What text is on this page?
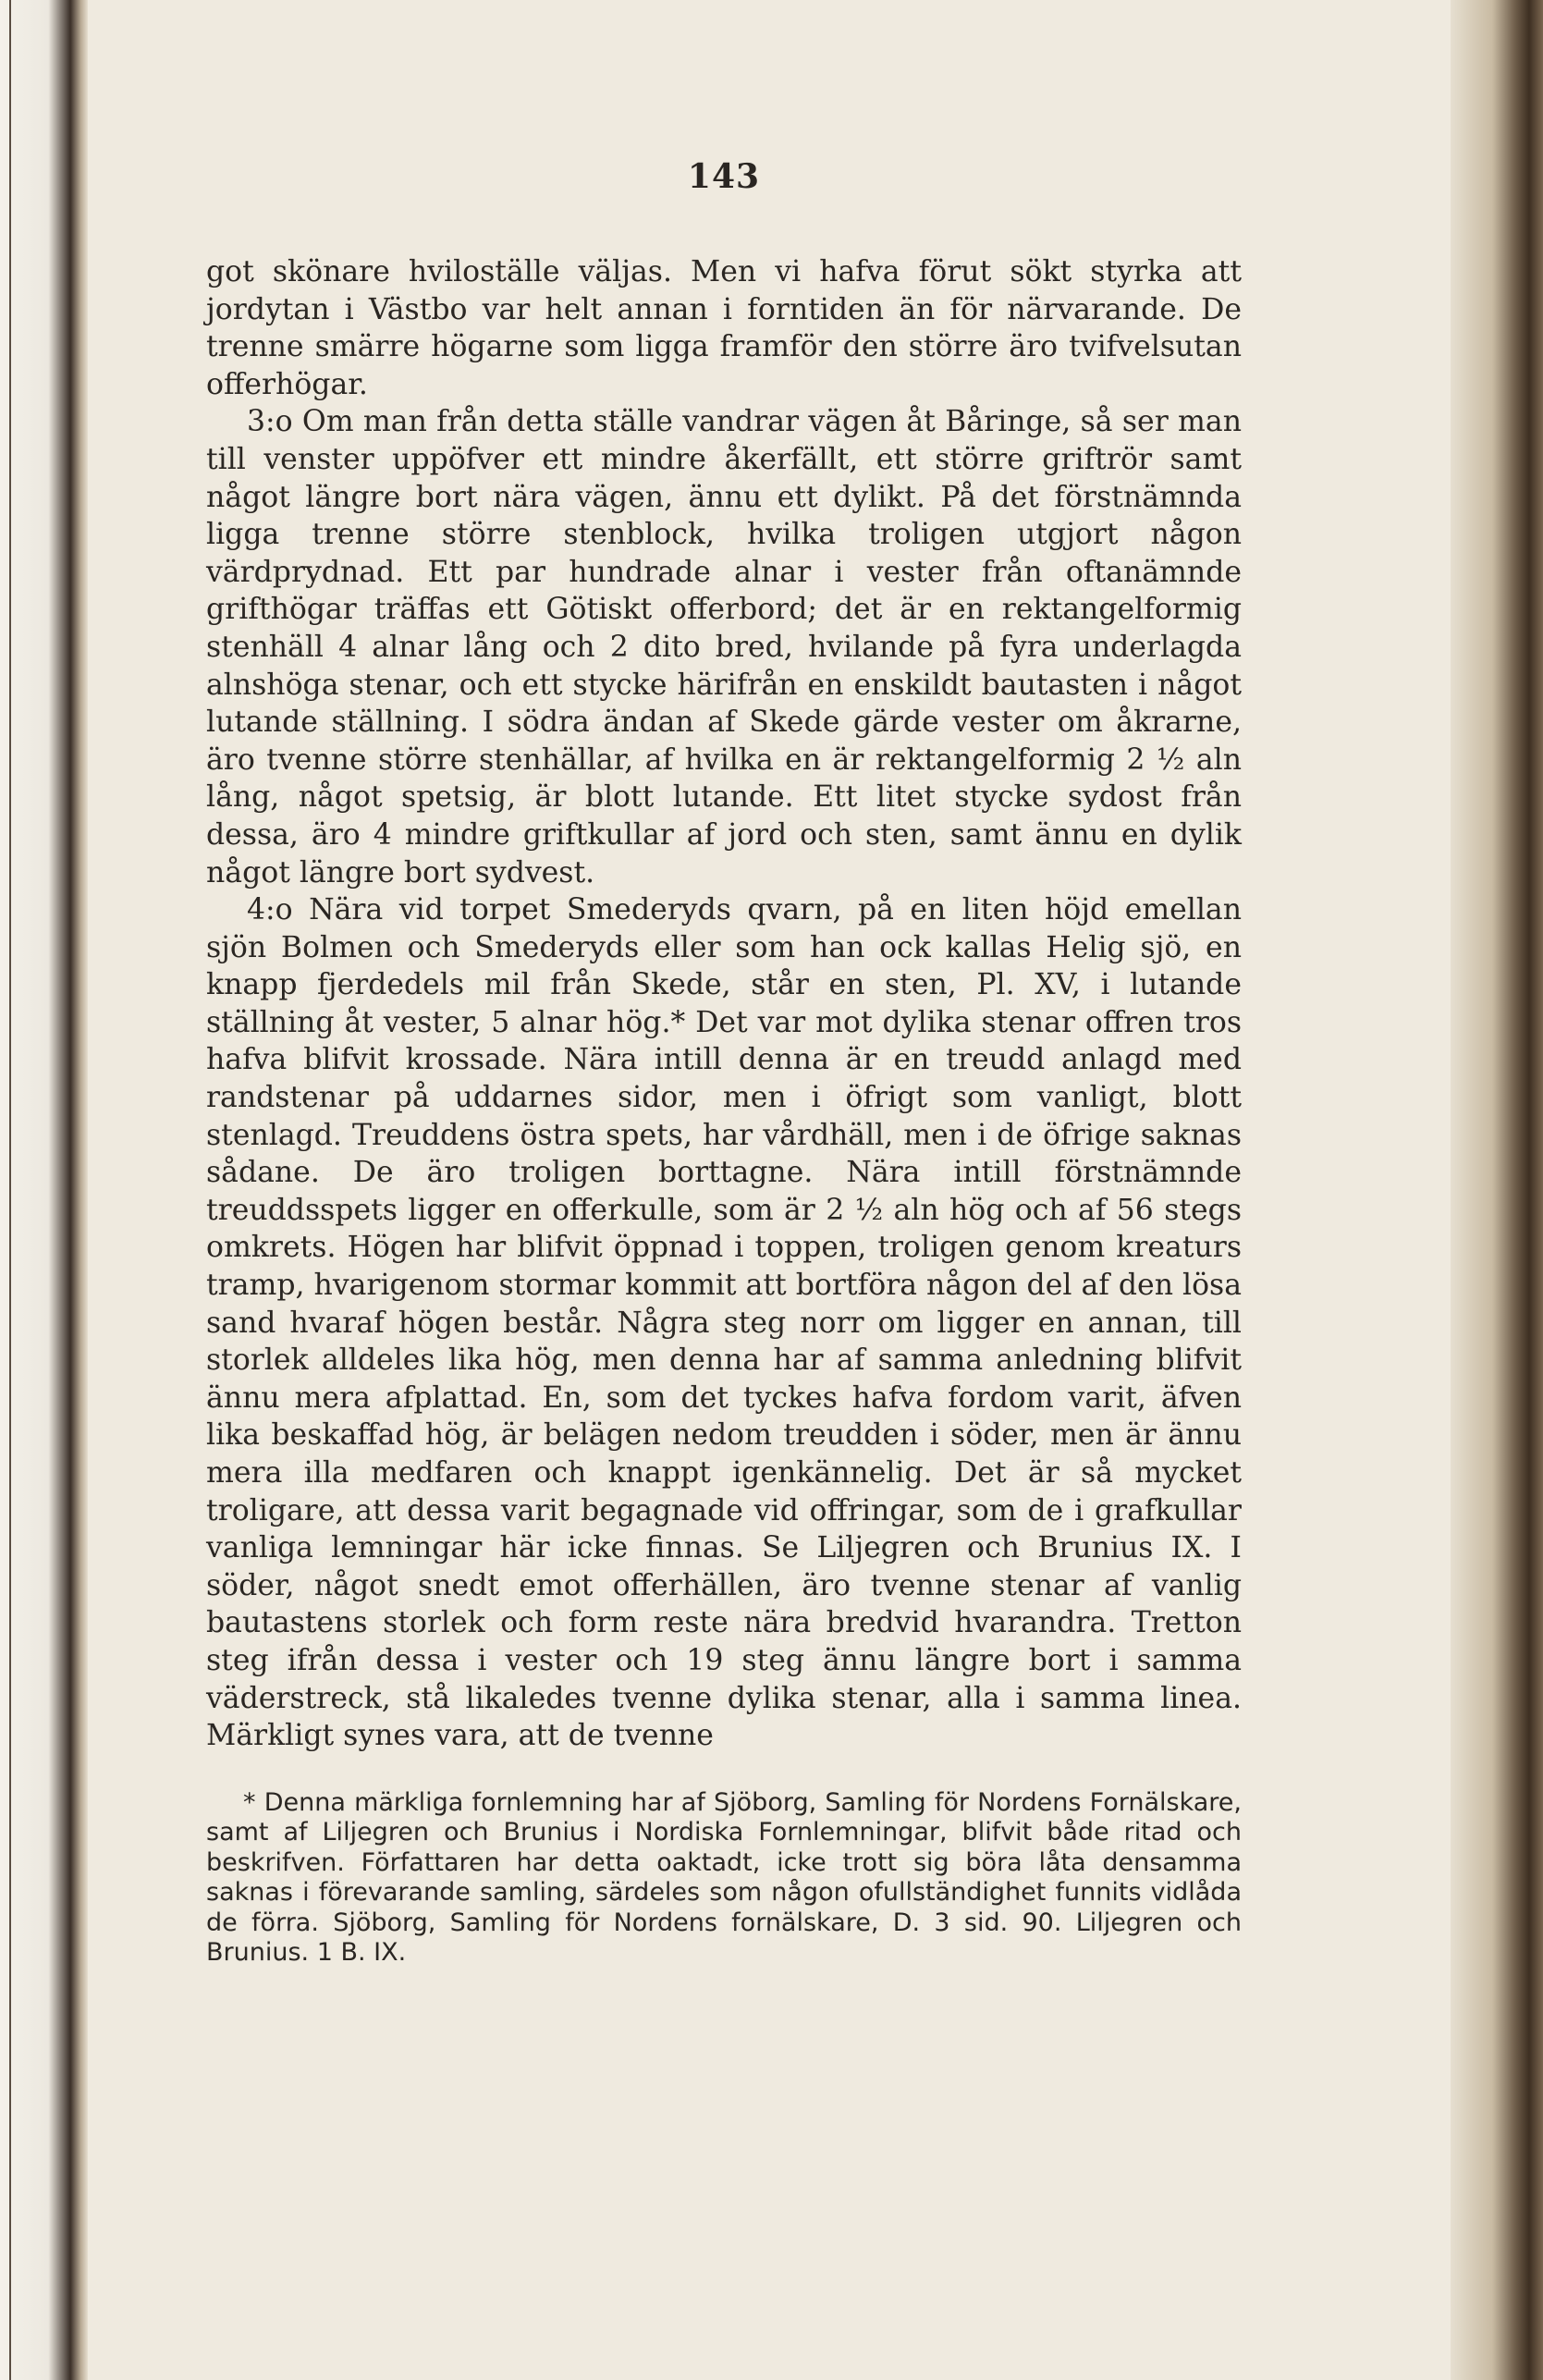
143

got skönare hviloställe väljas. Men vi hafva förut sökt styrka att jordytan i Västbo var helt annan i forntiden än för närvarande. De trenne smärre högarne som ligga framför den större äro tvifvelsutan offerhögar.

3:o Om man från detta ställe vandrar vägen åt Båringe, så ser man till venster uppöfver ett mindre åkerfällt, ett större griftrör samt något längre bort nära vägen, ännu ett dylikt. På det förstnämnda ligga trenne större stenblock, hvilka troligen utgjort någon värdprydnad. Ett par hundrade alnar i vester från oftanämnde grifthögar träffas ett Götiskt offerbord; det är en rektangelformig stenhäll 4 alnar lång och 2 dito bred, hvilande på fyra underlagda alnshöga stenar, och ett stycke härifrån en enskildt bautasten i något lutande ställning. I södra ändan af Skede gärde vester om åkrarne, äro tvenne större stenhällar, af hvilka en är rektangelformig 2 ½ aln lång, något spetsig, är blott lutande. Ett litet stycke sydost från dessa, äro 4 mindre griftkullar af jord och sten, samt ännu en dylik något längre bort sydvest.

4:o Nära vid torpet Smederyds qvarn, på en liten höjd emellan sjön Bolmen och Smederyds eller som han ock kallas Helig sjö, en knapp fjerdedels mil från Skede, står en sten, Pl. XV, i lutande ställning åt vester, 5 alnar hög.* Det var mot dylika stenar offren tros hafva blifvit krossade. Nära intill denna är en treudd anlagd med randstenar på uddarnes sidor, men i öfrigt som vanligt, blott stenlagd. Treuddens östra spets, har vårdhäll, men i de öfrige saknas sådane. De äro troligen borttagne. Nära intill förstnämnde treuddsspets ligger en offerkulle, som är 2 ½ aln hög och af 56 stegs omkrets. Högen har blifvit öppnad i toppen, troligen genom kreaturs tramp, hvarigenom stormar kommit att bortföra någon del af den lösa sand hvaraf högen består. Några steg norr om ligger en annan, till storlek alldeles lika hög, men denna har af samma anledning blifvit ännu mera afplattad. En, som det tyckes hafva fordom varit, äfven lika beskaffad hög, är belägen nedom treudden i söder, men är ännu mera illa medfaren och knappt igenkännelig. Det är så mycket troligare, att dessa varit begagnade vid offringar, som de i grafkullar vanliga lemningar här icke finnas. Se Liljegren och Brunius IX. I söder, något snedt emot offerhällen, äro tvenne stenar af vanlig bautastens storlek och form reste nära bredvid hvarandra. Tretton steg ifrån dessa i vester och 19 steg ännu längre bort i samma väderstreck, stå likaledes tvenne dylika stenar, alla i samma linea. Märkligt synes vara, att de tvenne

* Denna märkliga fornlemning har af Sjöborg, Samling för Nordens Fornälskare, samt af Liljegren och Brunius i Nordiska Fornlemningar, blifvit både ritad och beskrifven. Författaren har detta oaktadt, icke trott sig böra låta densamma saknas i förevarande samling, särdeles som någon ofullständighet funnits vidlåda de förra. Sjöborg, Samling för Nordens fornälskare, D. 3 sid. 90. Liljegren och Brunius. 1 B. IX.
